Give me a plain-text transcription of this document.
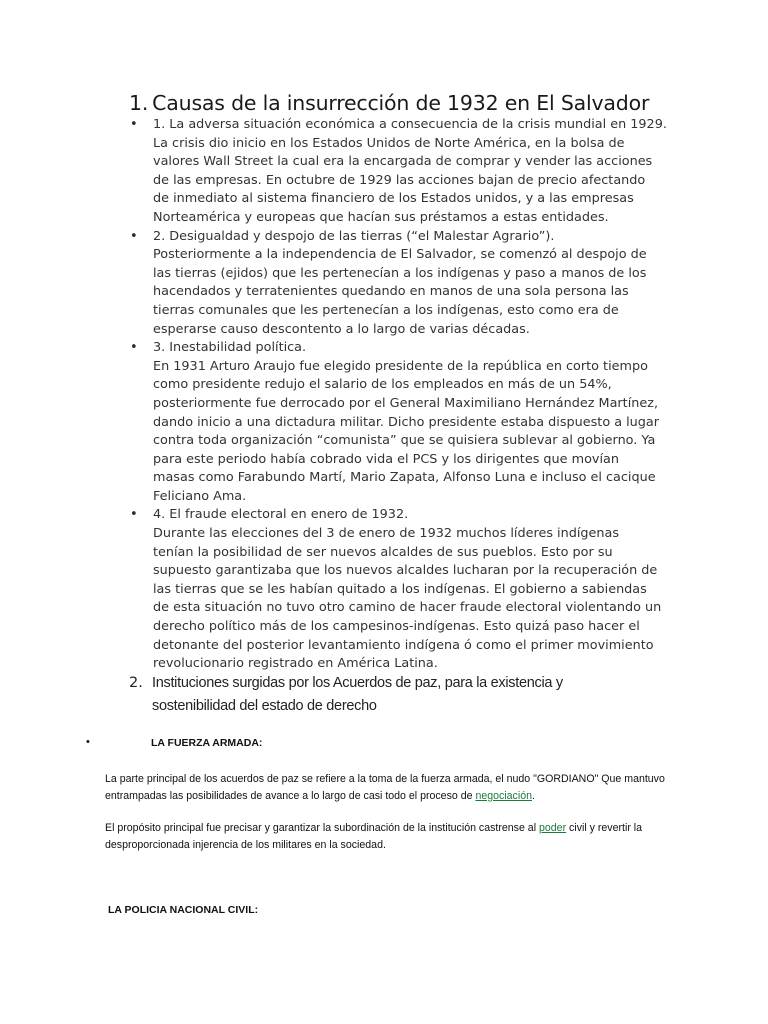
1. Causas de la insurrección de 1932 en El Salvador
• 1. La adversa situación económica a consecuencia de la crisis mundial en 1929.
La crisis dio inicio en los Estados Unidos de Norte América, en la bolsa de valores Wall Street la cual era la encargada de comprar y vender las acciones de las empresas. En octubre de 1929 las acciones bajan de precio afectando de inmediato al sistema financiero de los Estados unidos, y a las empresas Norteamérica y europeas que hacían sus préstamos a estas entidades.
• 2. Desigualdad y despojo de las tierras (“el Malestar Agrario”).
Posteriormente a la independencia de El Salvador, se comenzó al despojo de las tierras (ejidos) que les pertenecían a los indígenas y paso a manos de los hacendados y terratenientes quedando en manos de una sola persona las tierras comunales que les pertenecían a los indígenas, esto como era de esperarse causo descontento a lo largo de varias décadas.
• 3. Inestabilidad política.
En 1931 Arturo Araujo fue elegido presidente de la república en corto tiempo como presidente redujo el salario de los empleados en más de un 54%, posteriormente fue derrocado por el General Maximiliano Hernández Martínez, dando inicio a una dictadura militar. Dicho presidente estaba dispuesto a lugar contra toda organización “comunista” que se quisiera sublevar al gobierno. Ya para este periodo había cobrado vida el PCS y los dirigentes que movían masas como Farabundo Martí, Mario Zapata, Alfonso Luna e incluso el cacique Feliciano Ama.
• 4. El fraude electoral en enero de 1932.
Durante las elecciones del 3 de enero de 1932 muchos líderes indígenas tenían la posibilidad de ser nuevos alcaldes de sus pueblos. Esto por su supuesto garantizaba que los nuevos alcaldes lucharan por la recuperación de las tierras que se les habían quitado a los indígenas. El gobierno a sabiendas de esta situación no tuvo otro camino de hacer fraude electoral violentando un derecho político más de los campesinos-indígenas. Esto quizá paso hacer el detonante del posterior levantamiento indígena ó como el primer movimiento revolucionario registrado en América Latina.
2. Instituciones surgidas por los Acuerdos de paz, para la existencia y sostenibilidad del estado de derecho
•	LA FUERZA ARMADA:
La parte principal de los acuerdos de paz se refiere a la toma de la fuerza armada, el nudo "GORDIANO" Que mantuvo entrampadas las posibilidades de avance a lo largo de casi todo el proceso de negociación.
El propósito principal fue precisar y garantizar la subordinación de la institución castrense al poder civil y revertir la desproporcionada injerencia de los militares en la sociedad.
LA POLICIA NACIONAL CIVIL:
